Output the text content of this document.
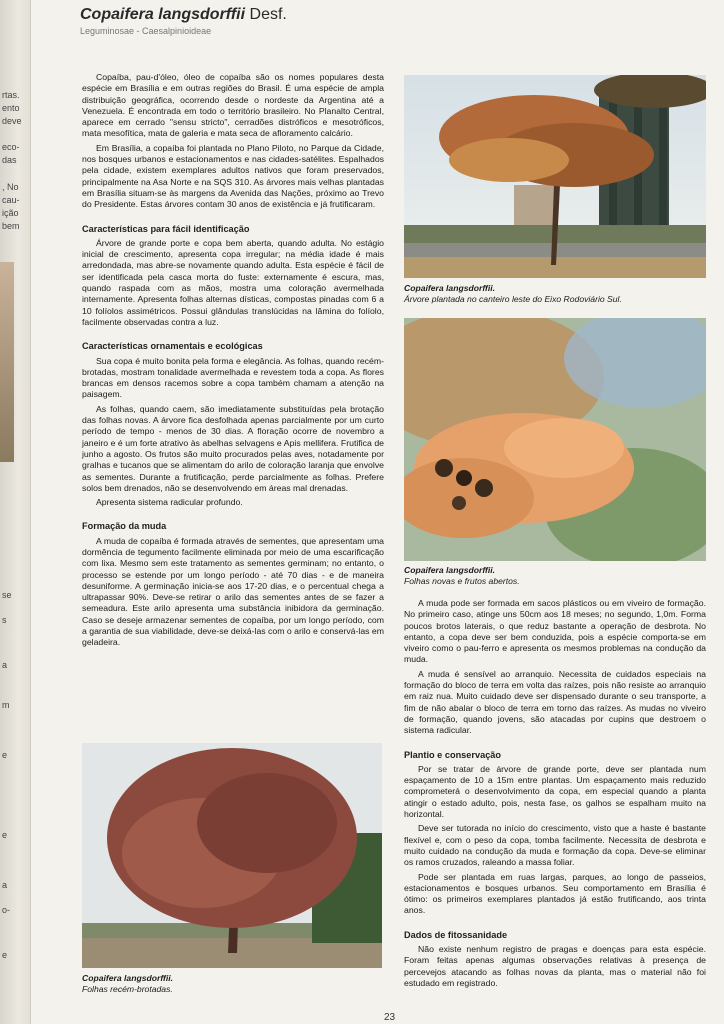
rtas.
ento
deve
eco-
das
, No
cau-
ição
bem
se
s
a
m
e
e
a
o-
e
Copaifera langsdorffii Desf.
Leguminosae - Caesalpinioideae

Copaíba, pau-d'óleo, óleo de copaíba são os nomes populares desta espécie em Brasília e em outras regiões do Brasil. É uma espécie de ampla distribuição geográfica, ocorrendo desde o nordeste da Argentina até a Venezuela. É encontrada em todo o território brasileiro. No Planalto Central, aparece em cerrado "sensu stricto", cerradões distróficos e mesotróficos, mata mesofítica, mata de galeria e mata seca de afloramento calcário.

Em Brasília, a copaíba foi plantada no Plano Piloto, no Parque da Cidade, nos bosques urbanos e estacionamentos e nas cidades-satélites. Espalhados pela cidade, existem exemplares adultos nativos que foram preservados, principalmente na Asa Norte e na SQS 310. As árvores mais velhas plantadas em Brasília situam-se às margens da Avenida das Nações, próximo ao Trevo do Presidente. Estas árvores contam 30 anos de existência e já frutificaram.

Características para fácil identificação

Árvore de grande porte e copa bem aberta, quando adulta. No estágio inicial de crescimento, apresenta copa irregular; na média idade é mais arredondada, mas abre-se novamente quando adulta. Esta espécie é fácil de ser identificada pela casca morta do fuste: externamente é escura, mas, quando raspada com as mãos, mostra uma coloração avermelhada internamente. Apresenta folhas alternas dísticas, compostas pinadas com 6 a 10 folíolos assimétricos. Possui glândulas translúcidas na lâmina do folíolo, facilmente observadas contra a luz.

Características ornamentais e ecológicas

Sua copa é muito bonita pela forma e elegância. As folhas, quando recém-brotadas, mostram tonalidade avermelhada e revestem toda a copa. As flores brancas em densos racemos sobre a copa também chamam a atenção na paisagem.

As folhas, quando caem, são imediatamente substituídas pela brotação das folhas novas. A árvore fica desfolhada apenas parcialmente por um curto período de tempo - menos de 30 dias. A floração ocorre de novembro a janeiro e é um forte atrativo às abelhas selvagens e Apis mellifera. Frutifica de junho a agosto. Os frutos são muito procurados pelas aves, notadamente por gralhas e tucanos que se alimentam do arilo de coloração laranja que envolve as sementes. Durante a frutificação, perde parcialmente as folhas. Prefere solos bem drenados, não se desenvolvendo em áreas mal drenadas.

Apresenta sistema radicular profundo.

Formação da muda

A muda de copaíba é formada através de sementes, que apresentam uma dormência de tegumento facilmente eliminada por meio de uma escarificação com lixa. Mesmo sem este tratamento as sementes germinam; no entanto, o processo se estende por um longo período - até 70 dias - e de maneira desuniforme. A germinação inicia-se aos 17-20 dias, e o percentual chega a ultrapassar 90%. Deve-se retirar o arilo das sementes antes de se fazer a semeadura. Este arilo apresenta uma substância inibidora da germinação. Caso se deseje armazenar sementes de copaíba, por um longo período, com a garantia de sua viabilidade, deve-se deixá-las com o arilo e conservá-las em geladeira.

Copaifera langsdorffii.
Árvore plantada no canteiro leste do Eixo Rodoviário Sul.
Copaifera langsdorffii.
Folhas novas e frutos abertos.
Copaifera langsdorffii.
Folhas recém-brotadas.

A muda pode ser formada em sacos plásticos ou em viveiro de formação. No primeiro caso, atinge uns 50cm aos 18 meses; no segundo, 1,0m. Forma poucos brotos laterais, o que reduz bastante a operação de desbrota. No entanto, a copa deve ser bem conduzida, pois a espécie comporta-se em viveiro como o pau-ferro e apresenta os mesmos problemas na condução da muda.

A muda é sensível ao arranquio. Necessita de cuidados especiais na formação do bloco de terra em volta das raízes, pois não resiste ao arranquio em raiz nua. Muito cuidado deve ser dispensado durante o seu transporte, a fim de não abalar o bloco de terra em torno das raízes. As mudas no viveiro de formação, quando jovens, são atacadas por cupins que destroem o sistema radicular.

Plantio e conservação

Por se tratar de árvore de grande porte, deve ser plantada num espaçamento de 10 a 15m entre plantas. Um espaçamento mais reduzido comprometerá o desenvolvimento da copa, em especial quando a planta atingir o estado adulto, pois, nesta fase, os galhos se espalham muito na horizontal.

Deve ser tutorada no início do crescimento, visto que a haste é bastante flexível e, com o peso da copa, tomba facilmente. Necessita de desbrota e muito cuidado na condução da muda e formação da copa. Deve-se eliminar os ramos cruzados, raleando a massa foliar.

Pode ser plantada em ruas largas, parques, ao longo de passeios, estacionamentos e bosques urbanos. Seu comportamento em Brasília é ótimo: os primeiros exemplares plantados já estão frutificando, aos trinta anos.

Dados de fitossanidade

Não existe nenhum registro de pragas e doenças para esta espécie. Foram feitas apenas algumas observações relativas à presença de percevejos atacando as folhas novas da planta, mas o material não foi estudado em registrado.

23
